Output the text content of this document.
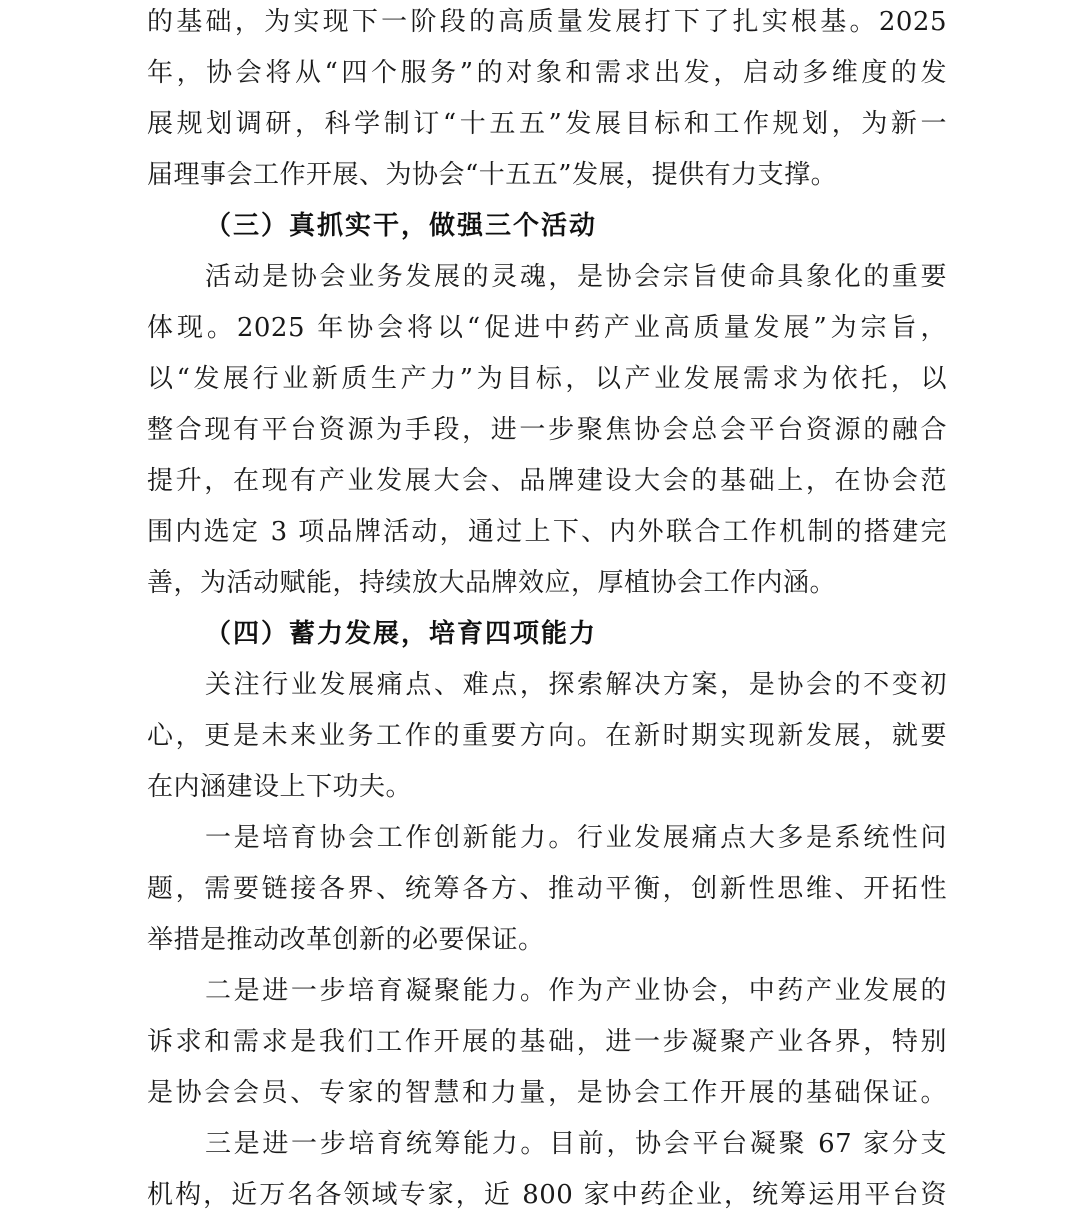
的基础，为实现下一阶段的高质量发展打下了扎实根基。2025
年，协会将从“四个服务”的对象和需求出发，启动多维度的发
展规划调研，科学制订“十五五”发展目标和工作规划，为新一
届理事会工作开展、为协会“十五五”发展，提供有力支撑。
（三）真抓实干，做强三个活动
活动是协会业务发展的灵魂，是协会宗旨使命具象化的重要
体现。2025 年协会将以“促进中药产业高质量发展”为宗旨，
以“发展行业新质生产力”为目标，以产业发展需求为依托，以
整合现有平台资源为手段，进一步聚焦协会总会平台资源的融合
提升，在现有产业发展大会、品牌建设大会的基础上，在协会范
围内选定 3 项品牌活动，通过上下、内外联合工作机制的搭建完
善，为活动赋能，持续放大品牌效应，厚植协会工作内涵。
（四）蓄力发展，培育四项能力
关注行业发展痛点、难点，探索解决方案，是协会的不变初
心，更是未来业务工作的重要方向。在新时期实现新发展，就要
在内涵建设上下功夫。
一是培育协会工作创新能力。行业发展痛点大多是系统性问
题，需要链接各界、统筹各方、推动平衡，创新性思维、开拓性
举措是推动改革创新的必要保证。
二是进一步培育凝聚能力。作为产业协会，中药产业发展的
诉求和需求是我们工作开展的基础，进一步凝聚产业各界，特别
是协会会员、专家的智慧和力量，是协会工作开展的基础保证。
三是进一步培育统筹能力。目前，协会平台凝聚 67 家分支
机构，近万名各领域专家，近 800 家中药企业，统筹运用平台资
